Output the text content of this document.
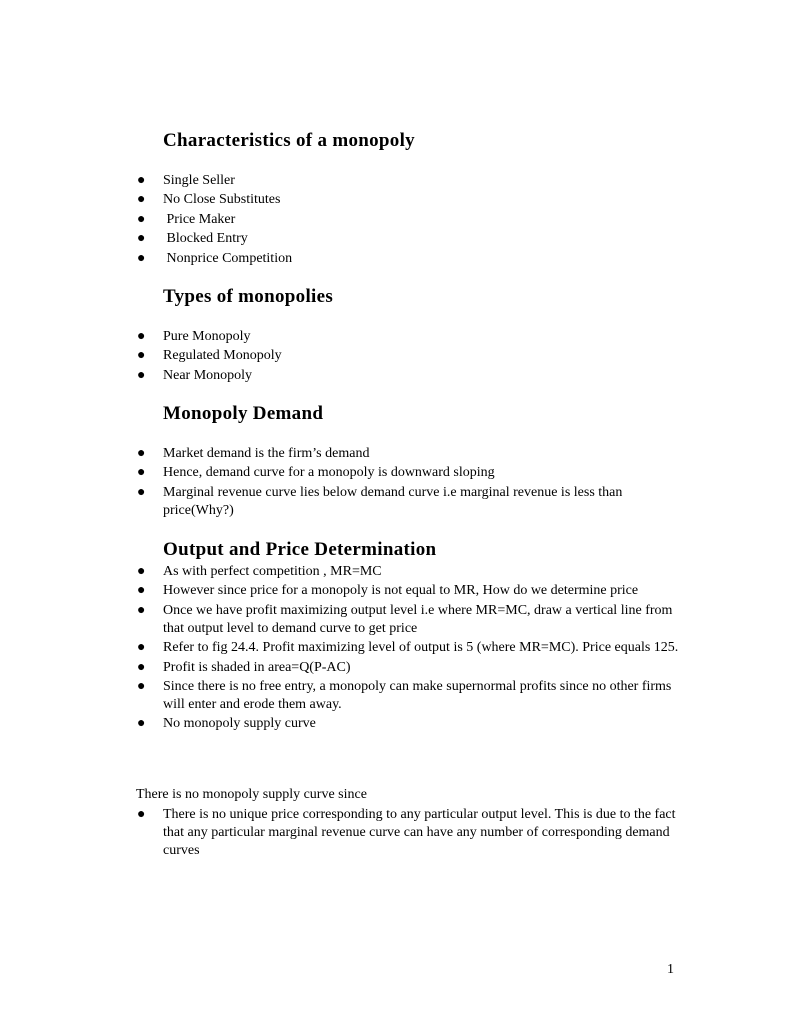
Characteristics of a monopoly
● Single Seller
● No Close Substitutes
● Price Maker
● Blocked Entry
● Nonprice Competition
Types of monopolies
● Pure Monopoly
● Regulated Monopoly
● Near Monopoly
Monopoly Demand
● Market demand is the firm’s demand
● Hence, demand curve for a monopoly is downward sloping
● Marginal revenue curve lies below demand curve i.e marginal revenue is less than price(Why?)
Output and Price Determination
● As with perfect competition , MR=MC
● However since price for a monopoly is not equal to MR, How do we determine price
● Once we have profit maximizing output level i.e where MR=MC, draw a vertical line from that output level to demand curve to get price
● Refer to fig 24.4. Profit maximizing level of output is 5 (where MR=MC). Price equals 125.
● Profit is shaded in area=Q(P-AC)
● Since there is no free entry, a monopoly can make supernormal profits since no other firms will enter and erode them away.
● No monopoly supply curve

There is no monopoly supply curve since

● There is no unique price corresponding to any particular output level. This is due to the fact that any particular marginal revenue curve can have any number of corresponding demand curves
1
